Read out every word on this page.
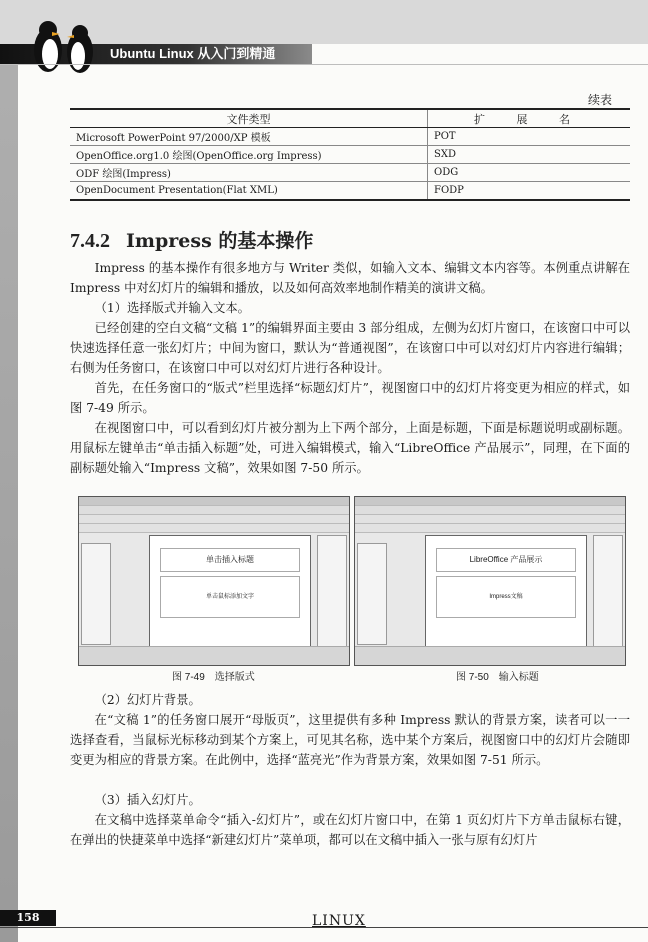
Ubuntu Linux 从入门到精通
续表
文件类型	扩 展 名
Microsoft PowerPoint 97/2000/XP 模板	POT
OpenOffice.org1.0 绘图(OpenOffice.org Impress)	SXD
ODF 绘图(Impress)	ODG
OpenDocument Presentation(Flat XML)	FODP
7.4.2 Impress 的基本操作

Impress 的基本操作有很多地方与 Writer 类似，如输入文本、编辑文本内容等。本例重点讲解在 Impress 中对幻灯片的编辑和播放，以及如何高效率地制作精美的演讲文稿。

（1）选择版式并输入文本。

已经创建的空白文稿“文稿 1”的编辑界面主要由 3 部分组成，左侧为幻灯片窗口，在该窗口中可以快速选择任意一张幻灯片；中间为窗口，默认为“普通视图”，在该窗口中可以对幻灯片内容进行编辑；右侧为任务窗口，在该窗口中可以对幻灯片进行各种设计。

首先，在任务窗口的“版式”栏里选择“标题幻灯片”，视图窗口中的幻灯片将变更为相应的样式，如图 7-49 所示。

在视图窗口中，可以看到幻灯片被分割为上下两个部分，上面是标题，下面是标题说明或副标题。用鼠标左键单击“单击插入标题”处，可进入编辑模式，输入“LibreOffice 产品展示”，同理，在下面的副标题处输入“Impress 文稿”，效果如图 7-50 所示。

单击插入标题
单击鼠标添加文字
LibreOffice 产品展示
Impress文稿
图 7-49　选择版式	图 7-50　输入标题

（2）幻灯片背景。

在“文稿 1”的任务窗口展开“母版页”，这里提供有多种 Impress 默认的背景方案，读者可以一一选择查看，当鼠标光标移动到某个方案上，可见其名称，选中某个方案后，视图窗口中的幻灯片会随即变更为相应的背景方案。在此例中，选择“蓝亮光”作为背景方案，效果如图 7-51 所示。

（3）插入幻灯片。

在文稿中选择菜单命令“插入-幻灯片”，或在幻灯片窗口中，在第 1 页幻灯片下方单击鼠标右键，在弹出的快捷菜单中选择“新建幻灯片”菜单项，都可以在文稿中插入一张与原有幻灯片

158	LINUX
